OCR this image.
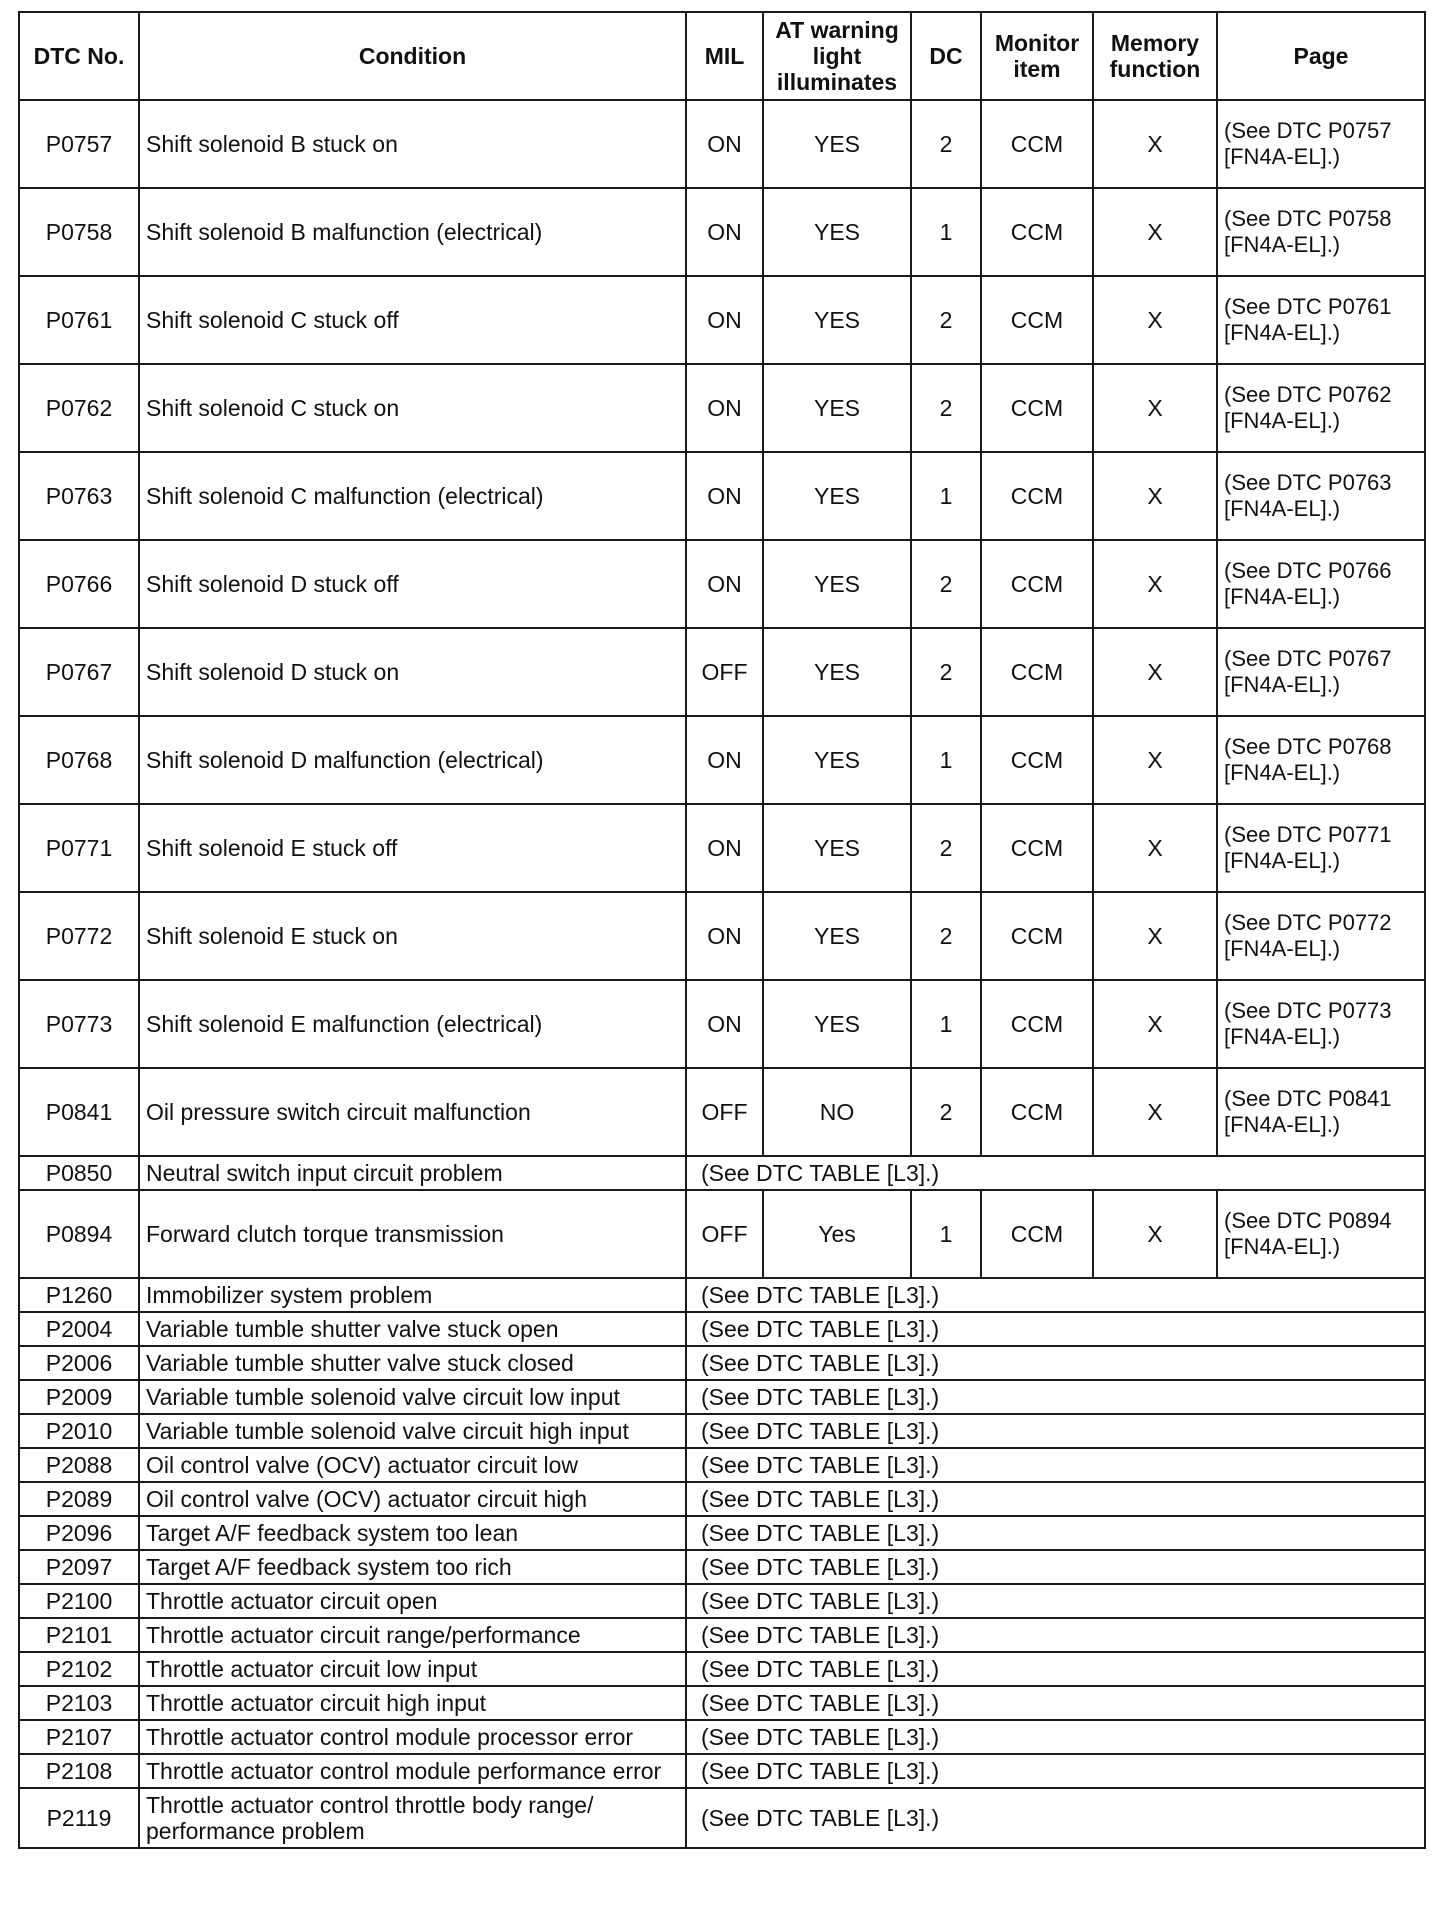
DTC No.	Condition	MIL	AT warning light illuminates	DC	Monitor item	Memory function	Page
P0757	Shift solenoid B stuck on	ON	YES	2	CCM	X	(See DTC P0757 [FN4A-EL].)
P0758	Shift solenoid B malfunction (electrical)	ON	YES	1	CCM	X	(See DTC P0758 [FN4A-EL].)
P0761	Shift solenoid C stuck off	ON	YES	2	CCM	X	(See DTC P0761 [FN4A-EL].)
P0762	Shift solenoid C stuck on	ON	YES	2	CCM	X	(See DTC P0762 [FN4A-EL].)
P0763	Shift solenoid C malfunction (electrical)	ON	YES	1	CCM	X	(See DTC P0763 [FN4A-EL].)
P0766	Shift solenoid D stuck off	ON	YES	2	CCM	X	(See DTC P0766 [FN4A-EL].)
P0767	Shift solenoid D stuck on	OFF	YES	2	CCM	X	(See DTC P0767 [FN4A-EL].)
P0768	Shift solenoid D malfunction (electrical)	ON	YES	1	CCM	X	(See DTC P0768 [FN4A-EL].)
P0771	Shift solenoid E stuck off	ON	YES	2	CCM	X	(See DTC P0771 [FN4A-EL].)
P0772	Shift solenoid E stuck on	ON	YES	2	CCM	X	(See DTC P0772 [FN4A-EL].)
P0773	Shift solenoid E malfunction (electrical)	ON	YES	1	CCM	X	(See DTC P0773 [FN4A-EL].)
P0841	Oil pressure switch circuit malfunction	OFF	NO	2	CCM	X	(See DTC P0841 [FN4A-EL].)
P0850	Neutral switch input circuit problem	(See DTC TABLE [L3].)					
P0894	Forward clutch torque transmission	OFF	Yes	1	CCM	X	(See DTC P0894 [FN4A-EL].)
P1260	Immobilizer system problem	(See DTC TABLE [L3].)					
P2004	Variable tumble shutter valve stuck open	(See DTC TABLE [L3].)					
P2006	Variable tumble shutter valve stuck closed	(See DTC TABLE [L3].)					
P2009	Variable tumble solenoid valve circuit low input	(See DTC TABLE [L3].)					
P2010	Variable tumble solenoid valve circuit high input	(See DTC TABLE [L3].)					
P2088	Oil control valve (OCV) actuator circuit low	(See DTC TABLE [L3].)					
P2089	Oil control valve (OCV) actuator circuit high	(See DTC TABLE [L3].)					
P2096	Target A/F feedback system too lean	(See DTC TABLE [L3].)					
P2097	Target A/F feedback system too rich	(See DTC TABLE [L3].)					
P2100	Throttle actuator circuit open	(See DTC TABLE [L3].)					
P2101	Throttle actuator circuit range/performance	(See DTC TABLE [L3].)					
P2102	Throttle actuator circuit low input	(See DTC TABLE [L3].)					
P2103	Throttle actuator circuit high input	(See DTC TABLE [L3].)					
P2107	Throttle actuator control module processor error	(See DTC TABLE [L3].)					
P2108	Throttle actuator control module performance error	(See DTC TABLE [L3].)					
P2119	Throttle actuator control throttle body range/ performance problem	(See DTC TABLE [L3].)					
